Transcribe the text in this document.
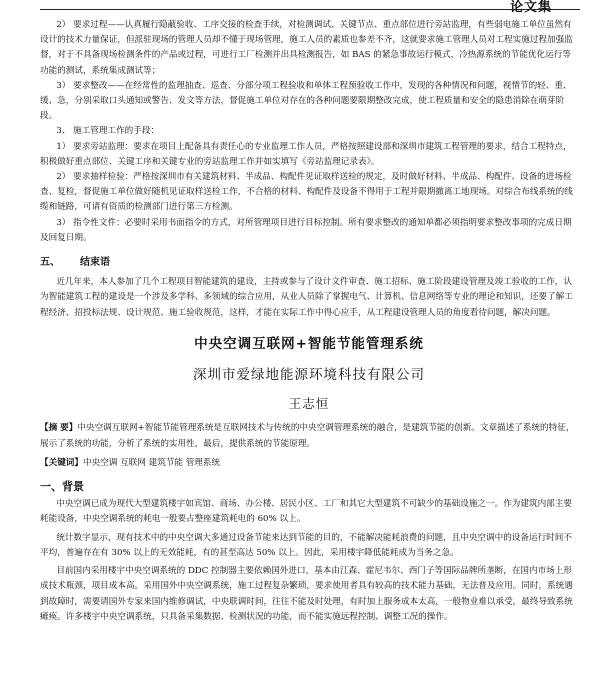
论文集

2） 要求过程——认真履行隐蔽验收、工序交接的检查手续，对检测调试、关键节点、重点部位进行旁站监理，有些弱电施工单位虽然有设计的技术力量保证，但派驻现场的管理人员却不懂于现场管理，施工人员的素质也参差不齐，这就要求施工管理人员对工程实施过程加强监督，对于不具备现场检测条件的产品或过程，可进行工厂检测并出具检测报告，如 BAS 的紧急事故运行模式，冷热源系统的节能优化运行等功能的测试，系统集成测试等；

3） 要求整改——在经常性的监理抽查、巡查、分部分项工程验收和单体工程预验收工作中，发现的各种情况和问题，视情节的轻、重、缓、急，分别采取口头通知或警告、发文等方法，督促施工单位对存在的各种问题要限期整改完成，使工程质量和安全的隐患消除在萌芽阶段。

3、 施工管理工作的手段：

1） 要求旁站监理：要求在项目上配备具有责任心的专业监理工作人员，严格按照建设部和深圳市建筑工程管理的要求，结合工程特点，积极做好重点部位、关键工序和关键专业的旁站监理工作并如实填写《旁站监理记录表》。

2） 要求抽样检验：严格按深圳市有关建筑材料、半成品、构配件见证取样送检的规定，及时做好材料、半成品、构配件、设备的进场检查、复检，督促施工单位做好随机见证取样送检工作，不合格的材料、构配件及设备不得用于工程并限期撤离工地现场。对综合布线系统的线缆和链路，可请有资质的检测部门进行第三方检测。

3） 指令性文件：必要时采用书面指令的方式，对所管理项目进行目标控制。所有要求整改的通知单都必须指明要求整改事项的完成日期及回复日期。

五、 结束语

近几年来，本人参加了几个工程项目智能建筑的建设，主持或参与了设计文件审查、施工招标、施工阶段建设管理及竣工验收的工作，认为智能建筑工程的建设是一个涉及多学科、多领域的综合应用，从业人员除了掌握电气、计算机、信息网络等专业的理论和知识，还要了解工程经济、招投标法规、设计规范、施工验收规范，这样，才能在实际工作中得心应手，从工程建设管理人员的角度看待问题，解决问题。

中央空调互联网+智能节能管理系统
深圳市爱绿地能源环境科技有限公司
王志恒

【摘 要】中央空调互联网+智能节能管理系统是互联网技术与传统的中央空调管理系统的融合，是建筑节能的创新。文章描述了系统的特征，展示了系统的功能，分析了系统的实用性，最后，提供系统的节能原理。

【关键词】中央空调 互联网 建筑节能 管理系统

一、背景

中央空调已成为现代大型建筑楼宇如宾馆、商场、办公楼、居民小区、工厂和其它大型建筑不可缺少的基础设施之一。作为建筑内部主要耗能设备，中央空调系统的耗电一般要占整座建筑耗电的 60% 以上。

统计数字显示，现有技术中的中央空调大多通过设备节能来达到节能的目的，不能解决能耗浪费的问题，且中央空调中的设备运行时间不平均，普遍存在有 30% 以上的无效能耗，有的甚至高达 50% 以上。因此，采用楼宇降低能耗成为当务之急。

目前国内采用楼宇中央空调系统的 DDC 控制器主要依赖国外进口，基本由江森、霍尼韦尔、西门子等国际品牌所垄断，在国内市场上形成技术瓶颈，项目成本高。采用国外中央空调系统，施工过程复杂繁琐，要求使用者具有较高的技术能力基础，无法普及应用。同时，系统遇到故障时，需要请国外专家来国内维修调试，中央联调时间，往往不能及时处理，有时加上服务成本太高，一般物业难以承受，最终导致系统瘫痪。许多楼宇中央空调系统，只具备采集数据、检测状况的功能，而不能实施远程控制、调整工况的操作。
